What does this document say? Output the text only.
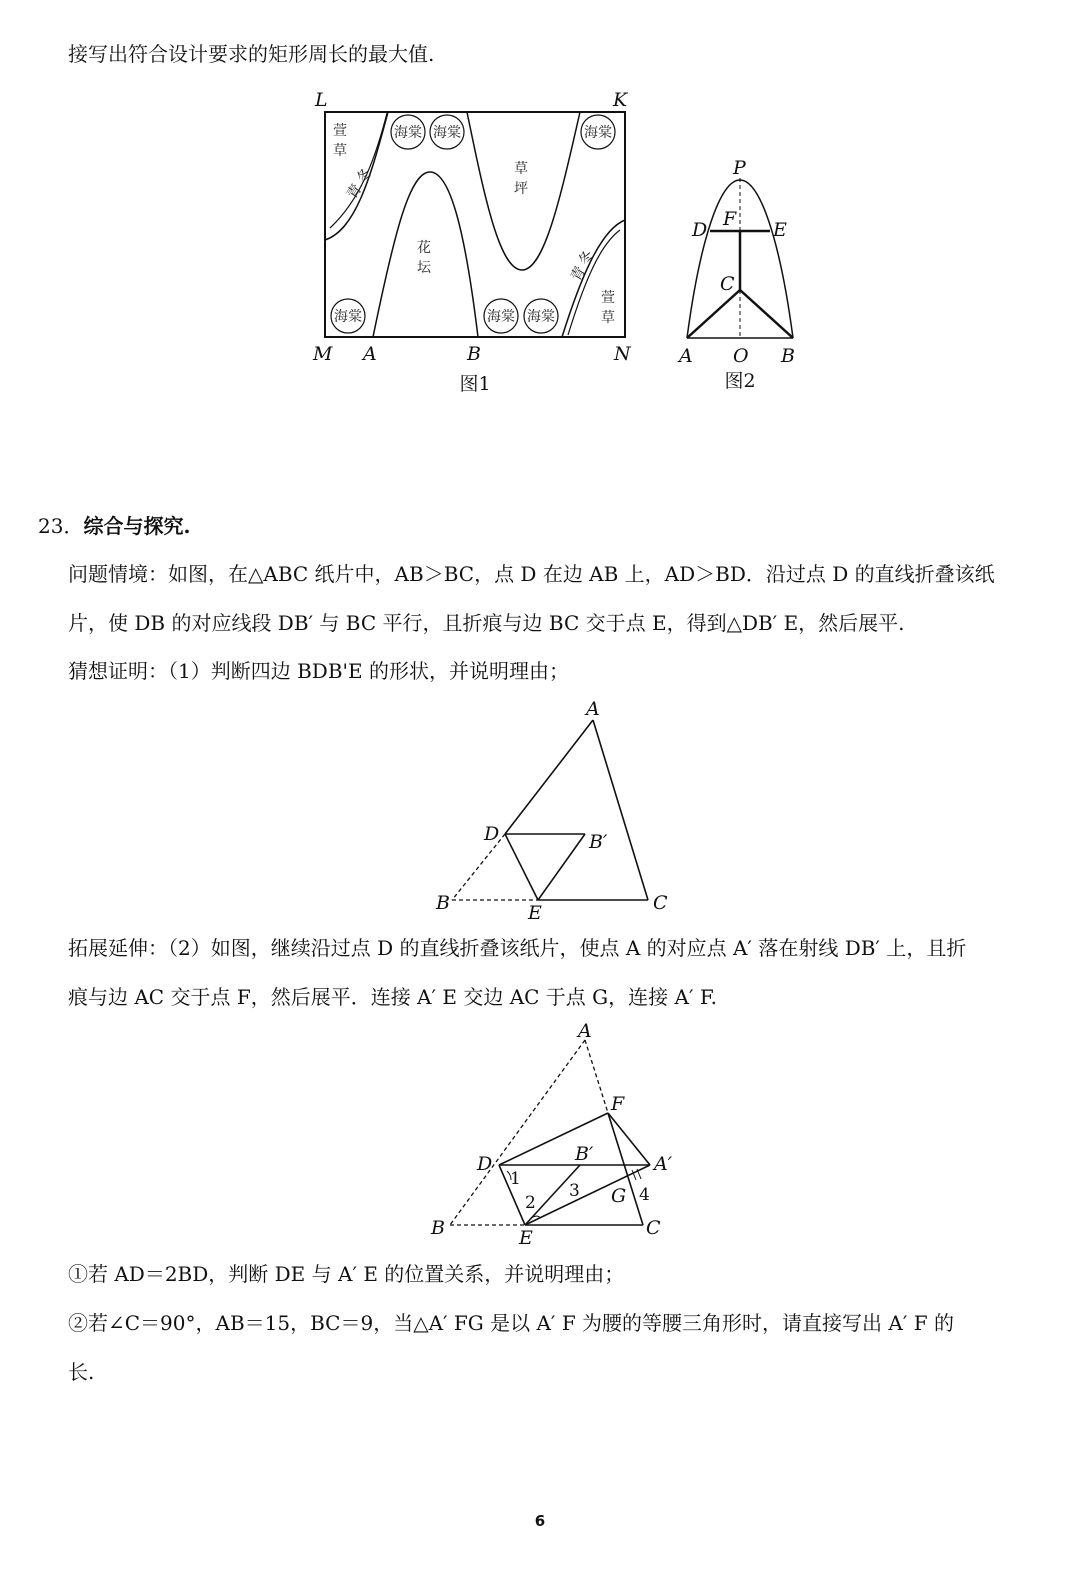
接写出符合设计要求的矩形周长的最大值.
海棠 海棠	海棠
海棠	海棠 海棠
萱
草
冬
青
草
坪
花
坛	冬
青
萱
草
L	K
M A	B	N
图1
P
D F E
C
A O B
图2
23．综合与探究.
问题情境：如图，在△ABC 纸片中，AB＞BC，点 D 在边 AB 上，AD＞BD．沿过点 D 的直线折叠该纸
片，使 DB 的对应线段 DB′ 与 BC 平行，且折痕与边 BC 交于点 E，得到△DB′ E，然后展平.
猜想证明：（1）判断四边 BDB'E 的形状，并说明理由；
A
D	B′
B	E	C
拓展延伸：（2）如图，继续沿过点 D 的直线折叠该纸片，使点 A 的对应点 A′ 落在射线 DB′ 上，且折
痕与边 AC 交于点 F，然后展平．连接 A′ E 交边 AC 于点 G，连接 A′ F.
A
F
D	B′	A′
G
B	E	C
1
2
3	4
①若 AD＝2BD，判断 DE 与 A′ E 的位置关系，并说明理由；
②若∠C＝90°，AB＝15，BC＝9，当△A′ FG 是以 A′ F 为腰的等腰三角形时，请直接写出 A′ F 的
长.
6
